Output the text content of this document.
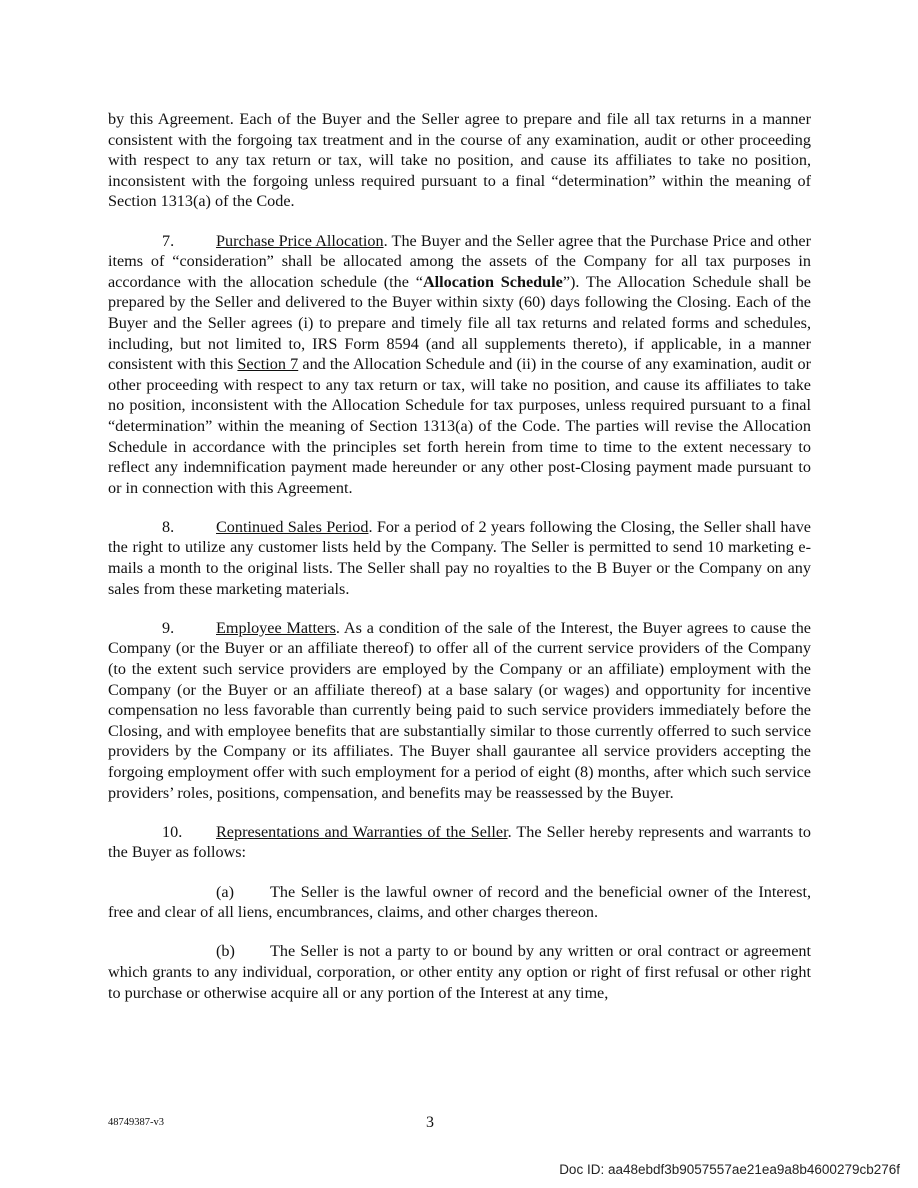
by this Agreement. Each of the Buyer and the Seller agree to prepare and file all tax returns in a manner consistent with the forgoing tax treatment and in the course of any examination, audit or other proceeding with respect to any tax return or tax, will take no position, and cause its affiliates to take no position, inconsistent with the forgoing unless required pursuant to a final “determination” within the meaning of Section 1313(a) of the Code.

7.	Purchase Price Allocation. The Buyer and the Seller agree that the Purchase Price and other items of “consideration” shall be allocated among the assets of the Company for all tax purposes in accordance with the allocation schedule (the “Allocation Schedule”). The Allocation Schedule shall be prepared by the Seller and delivered to the Buyer within sixty (60) days following the Closing. Each of the Buyer and the Seller agrees (i) to prepare and timely file all tax returns and related forms and schedules, including, but not limited to, IRS Form 8594 (and all supplements thereto), if applicable, in a manner consistent with this Section 7 and the Allocation Schedule and (ii) in the course of any examination, audit or other proceeding with respect to any tax return or tax, will take no position, and cause its affiliates to take no position, inconsistent with the Allocation Schedule for tax purposes, unless required pursuant to a final “determination” within the meaning of Section 1313(a) of the Code. The parties will revise the Allocation Schedule in accordance with the principles set forth herein from time to time to the extent necessary to reflect any indemnification payment made hereunder or any other post-Closing payment made pursuant to or in connection with this Agreement.

8.	Continued Sales Period. For a period of 2 years following the Closing, the Seller shall have the right to utilize any customer lists held by the Company. The Seller is permitted to send 10 marketing e-mails a month to the original lists. The Seller shall pay no royalties to the B Buyer or the Company on any sales from these marketing materials.

9.	Employee Matters. As a condition of the sale of the Interest, the Buyer agrees to cause the Company (or the Buyer or an affiliate thereof) to offer all of the current service providers of the Company (to the extent such service providers are employed by the Company or an affiliate) employment with the Company (or the Buyer or an affiliate thereof) at a base salary (or wages) and opportunity for incentive compensation no less favorable than currently being paid to such service providers immediately before the Closing, and with employee benefits that are substantially similar to those currently offerred to such service providers by the Company or its affiliates. The Buyer shall gaurantee all service providers accepting the forgoing employment offer with such employment for a period of eight (8) months, after which such service providers’ roles, positions, compensation, and benefits may be reassessed by the Buyer.

10. Representations and Warranties of the Seller. The Seller hereby represents and warrants to the Buyer as follows:

(a) The Seller is the lawful owner of record and the beneficial owner of the Interest, free and clear of all liens, encumbrances, claims, and other charges thereon.

(b) The Seller is not a party to or bound by any written or oral contract or agreement which grants to any individual, corporation, or other entity any option or right of first refusal or other right to purchase or otherwise acquire all or any portion of the Interest at any time,

48749387-v3	3
Doc ID: aa48ebdf3b9057557ae21ea9a8b4600279cb276f
